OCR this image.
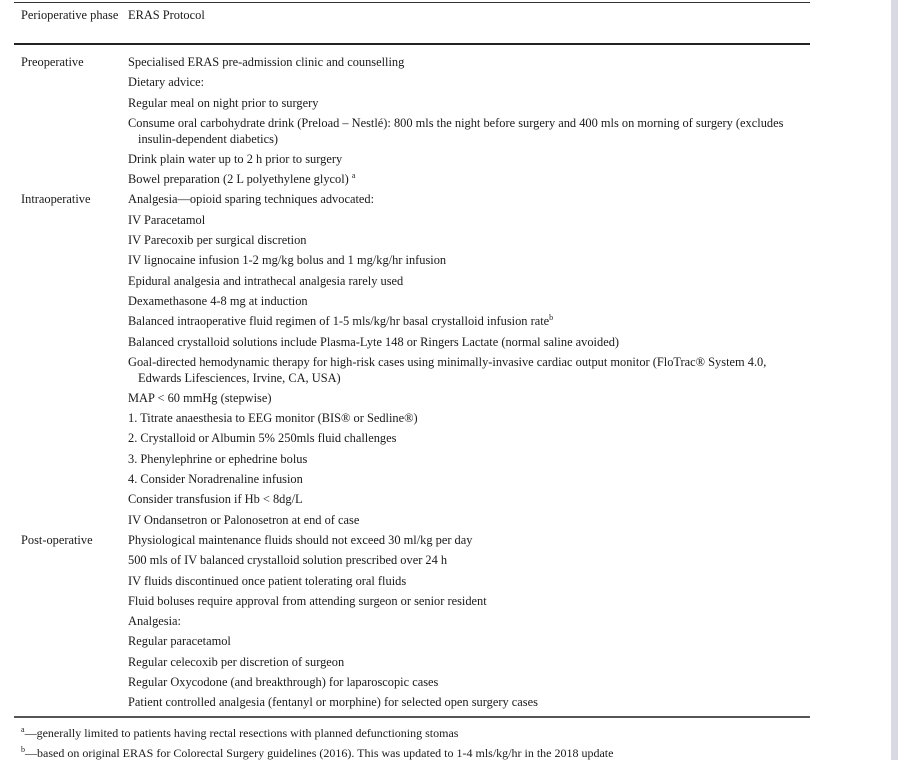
Perioperative phase ERAS Protocol
Preoperative	Specialised ERAS pre-admission clinic and counselling
Dietary advice:
Regular meal on night prior to surgery
Consume oral carbohydrate drink (Preload – Nestlé): 800 mls the night before surgery and 400 mls on morning of surgery (excludes insulin-dependent diabetics)
Drink plain water up to 2 h prior to surgery
Bowel preparation (2 L polyethylene glycol) $^a$
Intraoperative	Analgesia—opioid sparing techniques advocated:
IV Paracetamol
IV Parecoxib per surgical discretion
IV lignocaine infusion 1-2 mg/kg bolus and 1 mg/kg/hr infusion
Epidural analgesia and intrathecal analgesia rarely used
Dexamethasone 4-8 mg at induction
Balanced intraoperative fluid regimen of 1-5 mls/kg/hr basal crystalloid infusion rate$^b$
Balanced crystalloid solutions include Plasma-Lyte 148 or Ringers Lactate (normal saline avoided)
Goal-directed hemodynamic therapy for high-risk cases using minimally-invasive cardiac output monitor (FloTrac® System 4.0, Edwards Lifesciences, Irvine, CA, USA)
MAP < 60 mmHg (stepwise)
1. Titrate anaesthesia to EEG monitor (BIS® or Sedline®)
2. Crystalloid or Albumin 5% 250mls fluid challenges
3. Phenylephrine or ephedrine bolus
4. Consider Noradrenaline infusion
Consider transfusion if Hb < 8dg/L
IV Ondansetron or Palonosetron at end of case
Post-operative	Physiological maintenance fluids should not exceed 30 ml/kg per day
500 mls of IV balanced crystalloid solution prescribed over 24 h
IV fluids discontinued once patient tolerating oral fluids
Fluid boluses require approval from attending surgeon or senior resident
Analgesia:
Regular paracetamol
Regular celecoxib per discretion of surgeon
Regular Oxycodone (and breakthrough) for laparoscopic cases
Patient controlled analgesia (fentanyl or morphine) for selected open surgery cases
$^a$—generally limited to patients having rectal resections with planned defunctioning stomas
$^b$—based on original ERAS for Colorectal Surgery guidelines (2016). This was updated to 1-4 mls/kg/hr in the 2018 update
